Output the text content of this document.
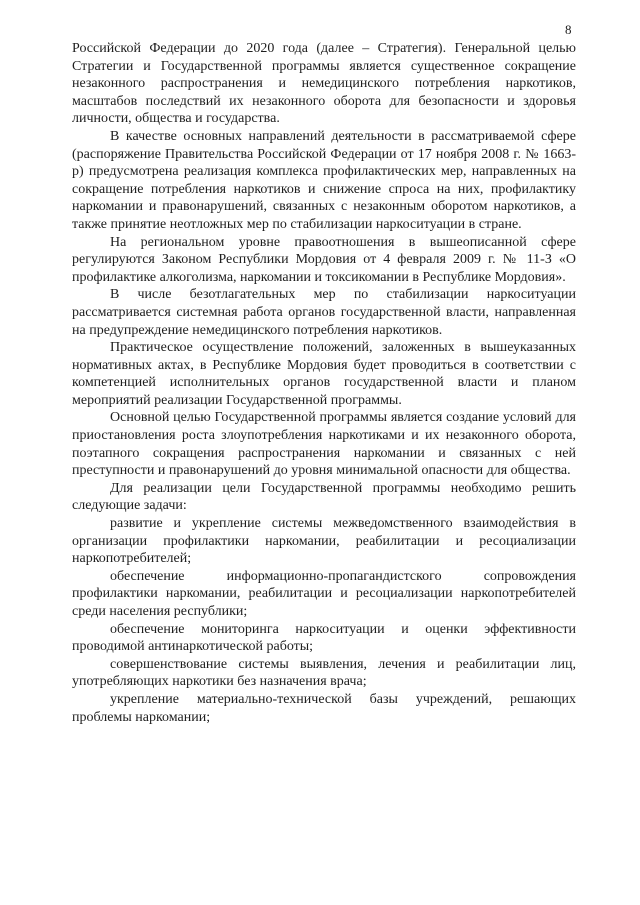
8

Российской Федерации до 2020 года (далее – Стратегия). Генеральной целью Стратегии и Государственной программы является существенное сокращение незаконного распространения и немедицинского потребления наркотиков, масштабов последствий их незаконного оборота для безопасности и здоровья личности, общества и государства.

В качестве основных направлений деятельности в рассматриваемой сфере (распоряжение Правительства Российской Федерации от 17 ноября 2008 г. № 1663-р) предусмотрена реализация комплекса профилактических мер, направленных на сокращение потребления наркотиков и снижение спроса на них, профилактику наркомании и правонарушений, связанных с незаконным оборотом наркотиков, а также принятие неотложных мер по стабилизации наркоситуации в стране.

На региональном уровне правоотношения в вышеописанной сфере регулируются Законом Республики Мордовия от 4 февраля 2009 г. № 11-З «О профилактике алкоголизма, наркомании и токсикомании в Республике Мордовия».

В числе безотлагательных мер по стабилизации наркоситуации рассматривается системная работа органов государственной власти, направленная на предупреждение немедицинского потребления наркотиков.

Практическое осуществление положений, заложенных в вышеуказанных нормативных актах, в Республике Мордовия будет проводиться в соответствии с компетенцией исполнительных органов государственной власти и планом мероприятий реализации Государственной программы.

Основной целью Государственной программы является создание условий для приостановления роста злоупотребления наркотиками и их незаконного оборота, поэтапного сокращения распространения наркомании и связанных с ней преступности и правонарушений до уровня минимальной опасности для общества.

Для реализации цели Государственной программы необходимо решить следующие задачи:

развитие и укрепление системы межведомственного взаимодействия в организации профилактики наркомании, реабилитации и ресоциализации наркопотребителей;

обеспечение информационно-пропагандистского сопровождения профилактики наркомании, реабилитации и ресоциализации наркопотребителей среди населения республики;

обеспечение мониторинга наркоситуации и оценки эффективности проводимой антинаркотической работы;

совершенствование системы выявления, лечения и реабилитации лиц, употребляющих наркотики без назначения врача;

укрепление материально-технической базы учреждений, решающих проблемы наркомании;
